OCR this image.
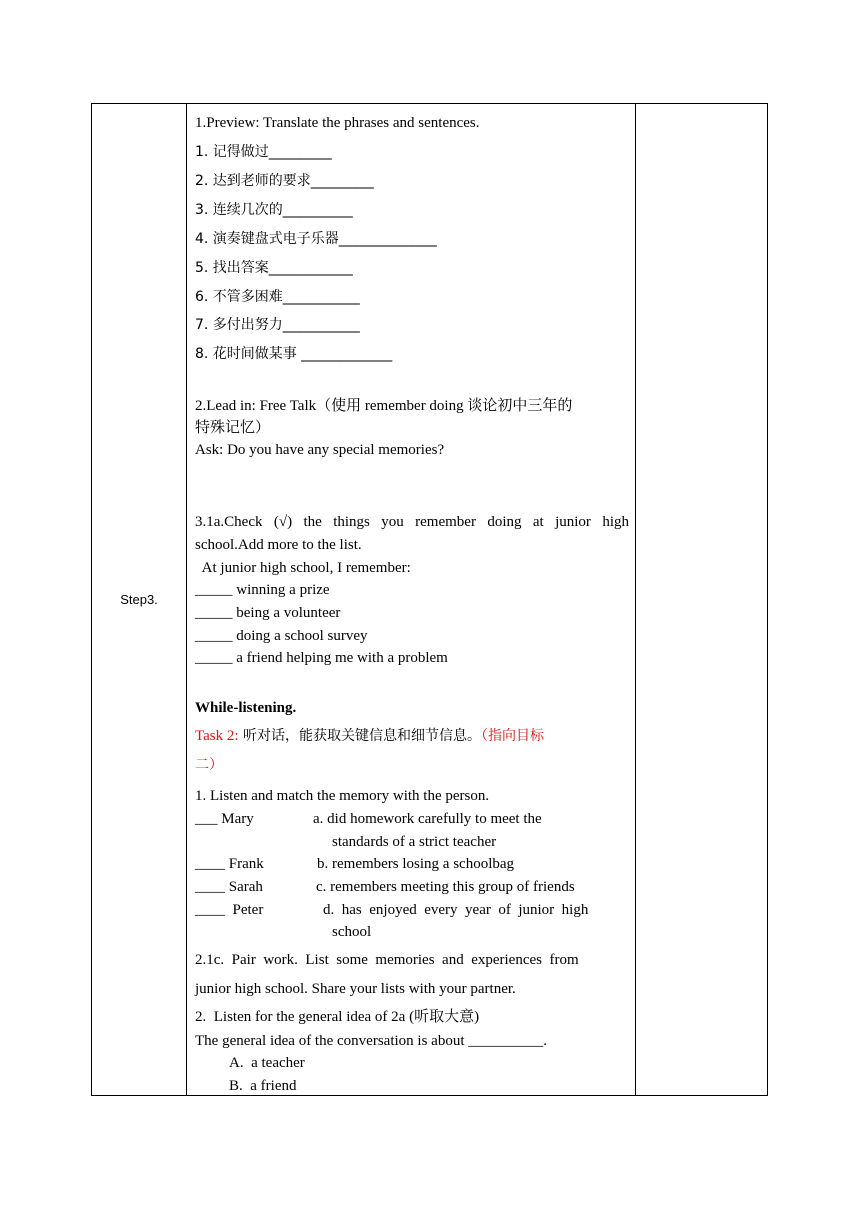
Step3.
1.Preview: Translate the phrases and sentences.
1. 记得做过_________
2. 达到老师的要求_________
3. 连续几次的__________
4. 演奏键盘式电子乐器______________
5. 找出答案____________
6. 不管多困难___________
7. 多付出努力___________
8. 花时间做某事 _____________
2.Lead in: Free Talk（使用 remember doing 谈论初中三年的
特殊记忆）
Ask: Do you have any special memories?
3.1a.Check (√) the things you remember doing at junior high
school.Add more to the list.
At junior high school, I remember:
_____ winning a prize
_____ being a volunteer
_____ doing a school survey
_____ a friend helping me with a problem
While-listening.
Task 2: 听对话，能获取关键信息和细节信息。（指向目标
二）
1. Listen and match the memory with the person.
___ Mary	a. did homework carefully to meet the
standards of a strict teacher
____ Frank	b. remembers losing a schoolbag
____ Sarah	c. remembers meeting this group of friends
____  Peter	d.  has  enjoyed  every  year  of  junior  high
school
2.1c.  Pair  work.  List  some  memories  and  experiences  from
junior high school. Share your lists with your partner.
2.  Listen for the general idea of 2a (听取大意)
The general idea of the conversation is about __________.
A.  a teacher
B.  a friend
